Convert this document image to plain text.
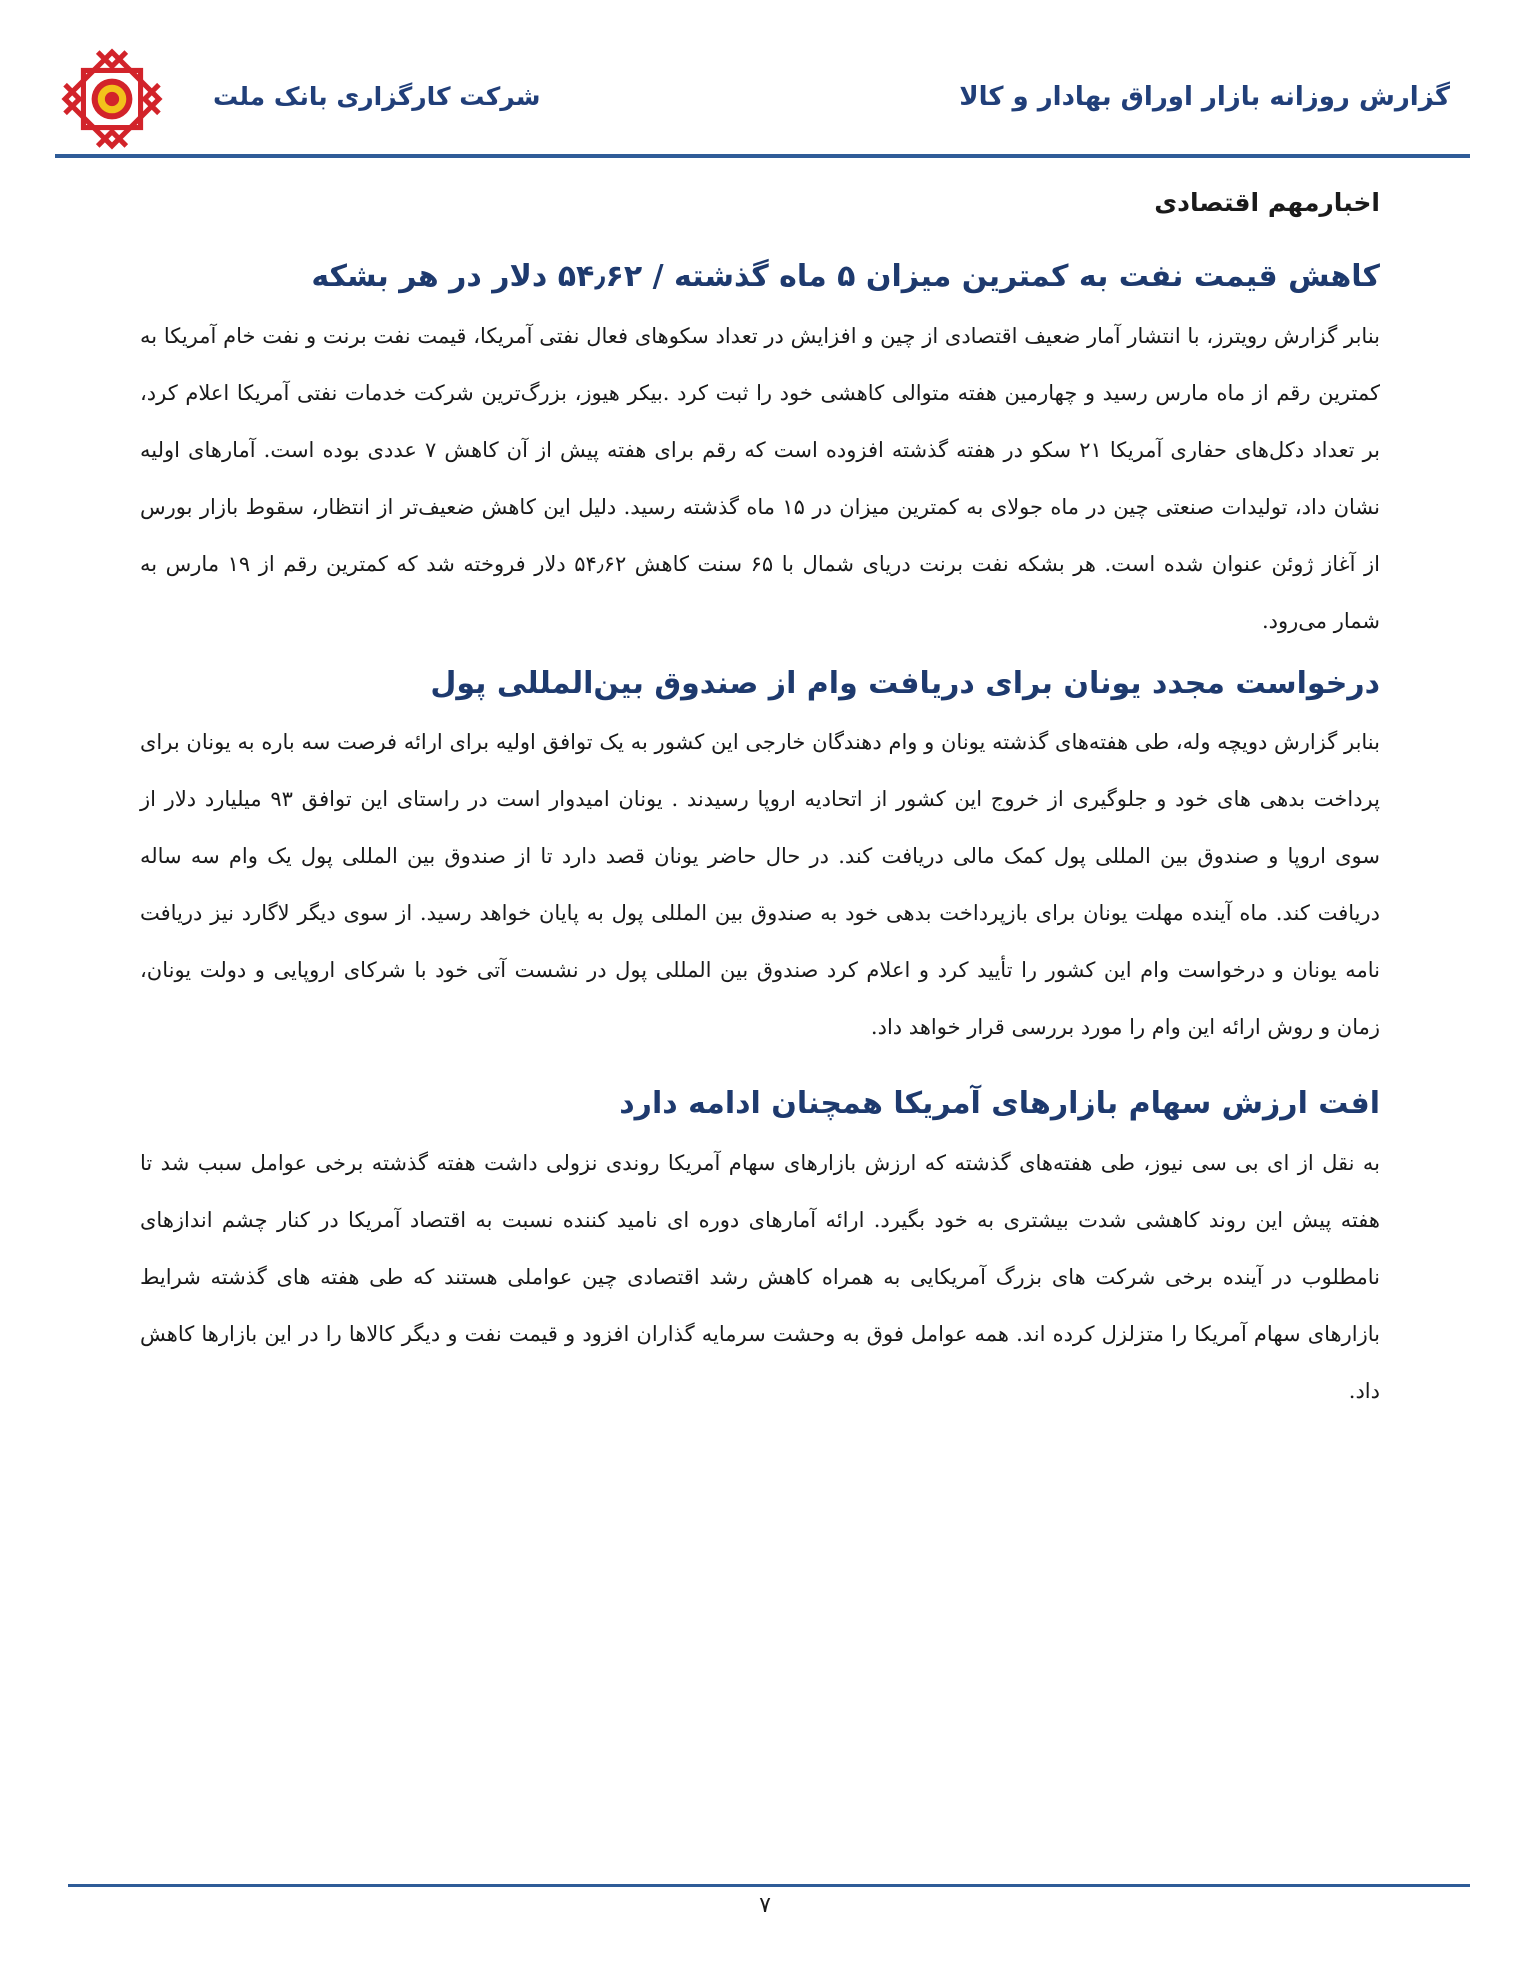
شرکت کارگزاری بانک ملت	گزارش روزانه بازار اوراق بهادار و کالا
اخبارمهم اقتصادی
کاهش قیمت نفت به کمترین میزان ۵ ماه گذشته / ۵۴٫۶۲ دلار در هر بشکه

بنابر گزارش رویترز، با انتشار آمار ضعیف اقتصادی از چین و افزایش در تعداد سکوهای فعال نفتی آمریکا، قیمت نفت برنت و نفت خام آمریکا به کمترین رقم از ماه مارس رسید و چهارمین هفته متوالی کاهشی خود را ثبت کرد .بیکر هیوز، بزرگ‌ترین شرکت خدمات نفتی آمریکا اعلام کرد، بر تعداد دکل‌های حفاری آمریکا ۲۱ سکو در هفته گذشته افزوده است که رقم برای هفته پیش از آن کاهش ۷ عددی بوده است. آمارهای اولیه نشان داد، تولیدات صنعتی چین در ماه جولای به کمترین میزان در ۱۵ ماه گذشته رسید. دلیل این کاهش ضعیف‌تر از انتظار، سقوط بازار بورس از آغاز ژوئن عنوان شده است. هر بشکه نفت برنت دریای شمال با ۶۵ سنت کاهش ۵۴٫۶۲ دلار فروخته شد که کمترین رقم از ۱۹ مارس به شمار می‌رود.

درخواست مجدد یونان برای دریافت وام از صندوق بین‌المللی پول

بنابر گزارش دویچه وله، طی هفته‌های گذشته یونان و وام دهندگان خارجی این کشور به یک توافق اولیه برای ارائه فرصت سه باره به یونان برای پرداخت بدهی های خود و جلوگیری از خروج این کشور از اتحادیه اروپا رسیدند . یونان امیدوار است در راستای این توافق ۹۳ میلیارد دلار از سوی اروپا و صندوق بین المللی پول کمک مالی دریافت کند. در حال حاضر یونان قصد دارد تا از صندوق بین المللی پول یک وام سه ساله دریافت کند. ماه آینده مهلت یونان برای بازپرداخت بدهی خود به صندوق بین المللی پول به پایان خواهد رسید. از سوی دیگر لاگارد نیز دریافت نامه یونان و درخواست وام این کشور را تأیید کرد و اعلام کرد صندوق بین المللی پول در نشست آتی خود با شرکای اروپایی و دولت یونان، زمان و روش ارائه این وام را مورد بررسی قرار خواهد داد.

افت ارزش سهام بازارهای آمریکا همچنان ادامه دارد

به نقل از ای بی سی نیوز، طی هفته‌های گذشته که ارزش بازارهای سهام آمریکا روندی نزولی داشت هفته گذشته برخی عوامل سبب شد تا هفته پیش این روند کاهشی شدت بیشتری به خود بگیرد. ارائه آمارهای دوره ای نامید کننده نسبت به اقتصاد آمریکا در کنار چشم اندازهای نامطلوب در آینده برخی شرکت های بزرگ آمریکایی به همراه کاهش رشد اقتصادی چین عواملی هستند که طی هفته های گذشته شرایط بازارهای سهام آمریکا را متزلزل کرده اند. همه عوامل فوق به وحشت سرمایه گذاران افزود و قیمت نفت و دیگر کالاها را در این بازارها کاهش داد.

۷
